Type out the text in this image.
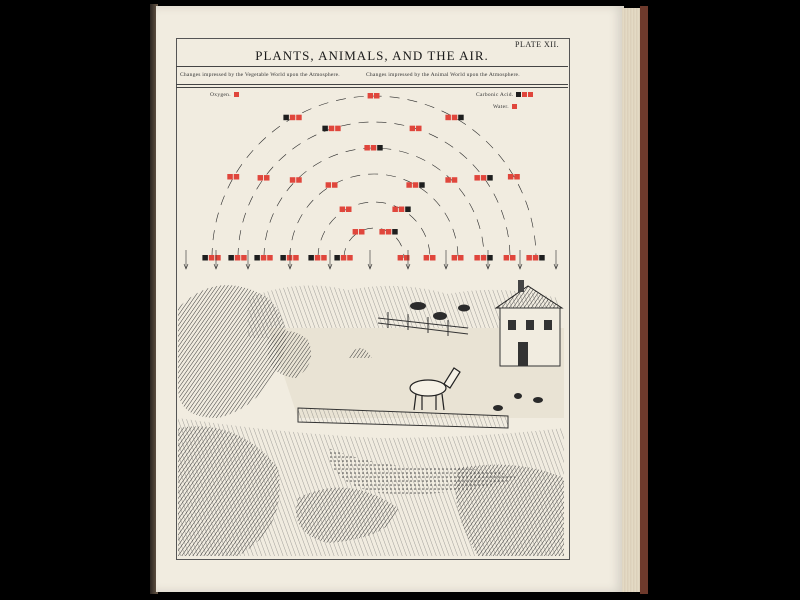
PLATE XII.
PLANTS, ANIMALS, AND THE AIR.
Changes impressed by the Vegetable World upon the Atmosphere.	Changes impressed by the Animal World upon the Atmosphere.
Oxygen.	Carbonic Acid.
Water.
